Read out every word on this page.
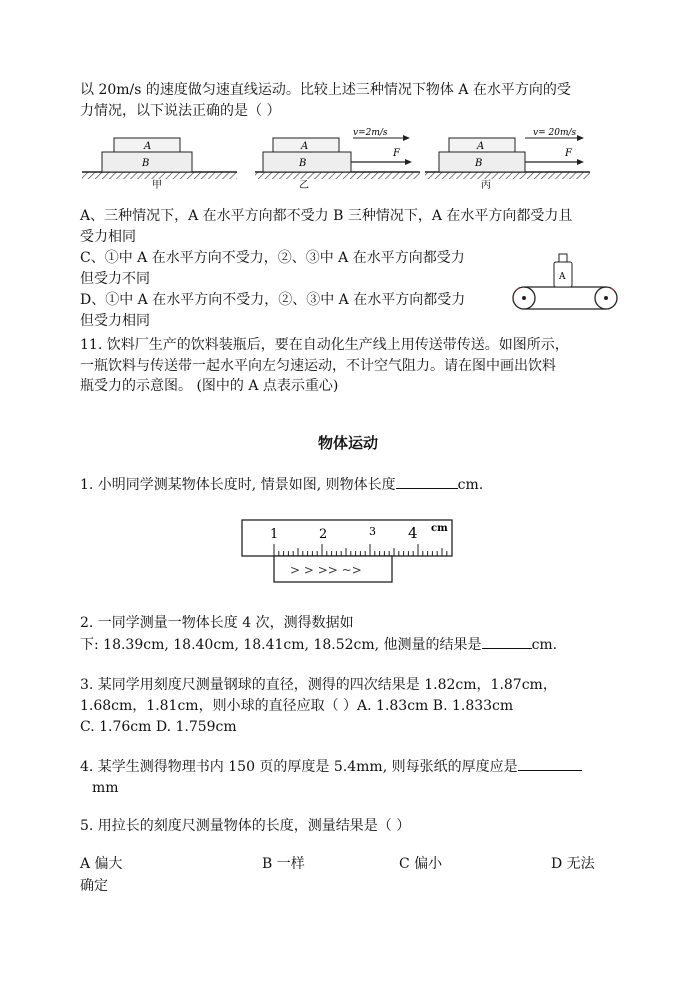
以 20m/s 的速度做匀速直线运动。比较上述三种情况下物体 A 在水平方向的受
力情况，以下说法正确的是（ ）
A
B
甲
A
B
v=2m/s
F
乙
A
B
v= 20m/s
F
丙
A、三种情况下，A 在水平方向都不受力 B 三种情况下，A 在水平方向都受力且
受力相同
C、①中 A 在水平方向不受力，②、③中 A 在水平方向都受力
但受力不同
D、①中 A 在水平方向不受力，②、③中 A 在水平方向都受力
但受力相同
A
11. 饮料厂生产的饮料装瓶后，要在自动化生产线上用传送带传送。如图所示，
一瓶饮料与传送带一起水平向左匀速运动，不计空气阻力。请在图中画出饮料
瓶受力的示意图。 (图中的 A 点表示重心)
物体运动
1. 小明同学测某物体长度时, 情景如图, 则物体长度	cm.
1	2	3 4 cm
> > >> ~>
2. 一同学测量一物体长度 4 次，测得数据如
下: 18.39cm, 18.40cm, 18.41cm, 18.52cm, 他测量的结果是	cm.
3. 某同学用刻度尺测量钢球的直径，测得的四次结果是 1.82cm，1.87cm，
1.68cm，1.81cm，则小球的直径应取（ ）A. 1.83cm B. 1.833cm
C. 1.76cm D. 1.759cm
4. 某学生测得物理书内 150 页的厚度是 5.4mm, 则每张纸的厚度应是
mm
5. 用拉长的刻度尺测量物体的长度，测量结果是（ ）
A 偏大	B 一样	C 偏小	D 无法
确定
